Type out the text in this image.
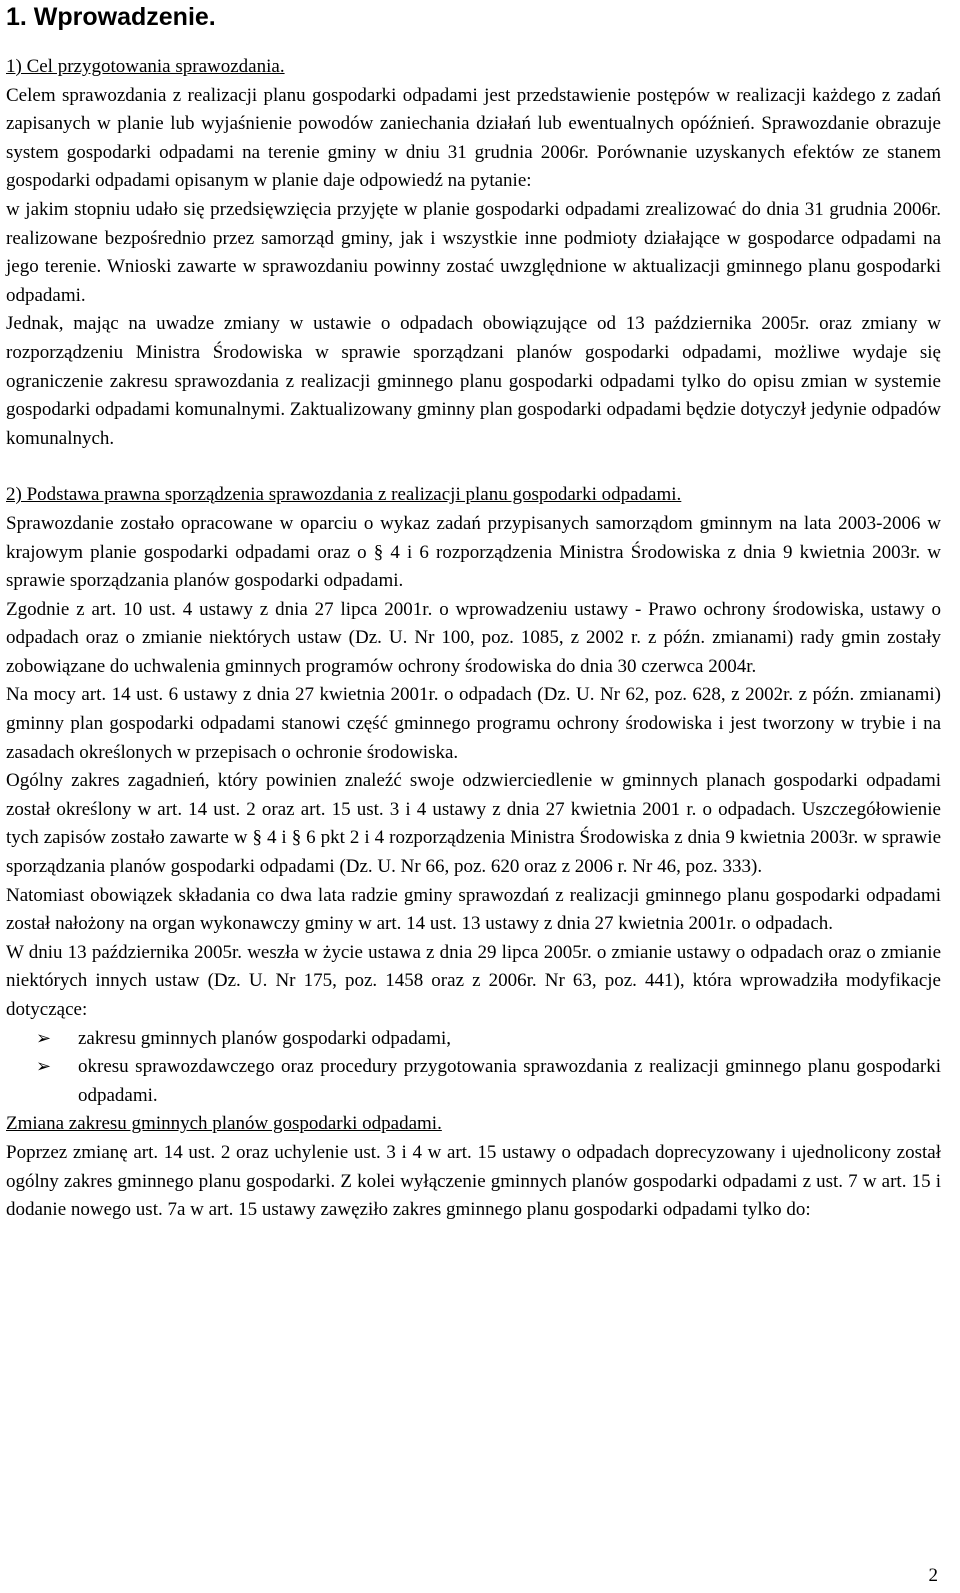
1. Wprowadzenie.

1) Cel przygotowania sprawozdania.

Celem sprawozdania z realizacji planu gospodarki odpadami jest przedstawienie postępów w realizacji każdego z zadań zapisanych w planie lub wyjaśnienie powodów zaniechania działań lub ewentualnych opóźnień. Sprawozdanie obrazuje system gospodarki odpadami na terenie gminy w dniu 31 grudnia 2006r. Porównanie uzyskanych efektów ze stanem gospodarki odpadami opisanym w planie daje odpowiedź na pytanie:

w jakim stopniu udało się przedsięwzięcia przyjęte w planie gospodarki odpadami zrealizować do dnia 31 grudnia 2006r. realizowane bezpośrednio przez samorząd gminy, jak i wszystkie inne podmioty działające w gospodarce odpadami na jego terenie. Wnioski zawarte w sprawozdaniu powinny zostać uwzględnione w aktualizacji gminnego planu gospodarki odpadami.

Jednak, mając na uwadze zmiany w ustawie o odpadach obowiązujące od 13 października 2005r. oraz zmiany w rozporządzeniu Ministra Środowiska w sprawie sporządzani planów gospodarki odpadami, możliwe wydaje się ograniczenie zakresu sprawozdania z realizacji gminnego planu gospodarki odpadami tylko do opisu zmian w systemie gospodarki odpadami komunalnymi. Zaktualizowany gminny plan gospodarki odpadami będzie dotyczył jedynie odpadów komunalnych.

2) Podstawa prawna sporządzenia sprawozdania z realizacji planu gospodarki odpadami.

Sprawozdanie zostało opracowane w oparciu o wykaz zadań przypisanych samorządom gminnym na lata 2003-2006 w krajowym planie gospodarki odpadami oraz o § 4 i 6 rozporządzenia Ministra Środowiska z dnia 9 kwietnia 2003r. w sprawie sporządzania planów gospodarki odpadami.

Zgodnie z art. 10 ust. 4 ustawy z dnia 27 lipca 2001r. o wprowadzeniu ustawy - Prawo ochrony środowiska, ustawy o odpadach oraz o zmianie niektórych ustaw (Dz. U. Nr 100, poz. 1085, z 2002 r. z późn. zmianami) rady gmin zostały zobowiązane do uchwalenia gminnych programów ochrony środowiska do dnia 30 czerwca 2004r.

Na mocy art. 14 ust. 6 ustawy z dnia 27 kwietnia 2001r. o odpadach (Dz. U. Nr 62, poz. 628, z 2002r. z późn. zmianami) gminny plan gospodarki odpadami stanowi część gminnego programu ochrony środowiska i jest tworzony w trybie i na zasadach określonych w przepisach o ochronie środowiska.

Ogólny zakres zagadnień, który powinien znaleźć swoje odzwierciedlenie w gminnych planach gospodarki odpadami został określony w art. 14 ust. 2 oraz art. 15 ust. 3 i 4 ustawy z dnia 27 kwietnia 2001 r. o odpadach. Uszczegółowienie tych zapisów zostało zawarte w § 4 i § 6 pkt 2 i 4 rozporządzenia Ministra Środowiska z dnia 9 kwietnia 2003r. w sprawie sporządzania planów gospodarki odpadami (Dz. U. Nr 66, poz. 620 oraz z 2006 r. Nr 46, poz. 333).

Natomiast obowiązek składania co dwa lata radzie gminy sprawozdań z realizacji gminnego planu gospodarki odpadami został nałożony na organ wykonawczy gminy w art. 14 ust. 13 ustawy z dnia 27 kwietnia 2001r. o odpadach.

W dniu 13 października 2005r. weszła w życie ustawa z dnia 29 lipca 2005r. o zmianie ustawy o odpadach oraz o zmianie niektórych innych ustaw (Dz. U. Nr 175, poz. 1458 oraz z 2006r. Nr 63, poz. 441), która wprowadziła modyfikacje dotyczące:

➢ zakresu gminnych planów gospodarki odpadami,
➢ okresu sprawozdawczego oraz procedury przygotowania sprawozdania z realizacji gminnego planu gospodarki odpadami.

Zmiana zakresu gminnych planów gospodarki odpadami.

Poprzez zmianę art. 14 ust. 2 oraz uchylenie ust. 3 i 4 w art. 15 ustawy o odpadach doprecyzowany i ujednolicony został ogólny zakres gminnego planu gospodarki. Z kolei wyłączenie gminnych planów gospodarki odpadami z ust. 7 w art. 15 i dodanie nowego ust. 7a w art. 15 ustawy zawęziło zakres gminnego planu gospodarki odpadami tylko do:

2
